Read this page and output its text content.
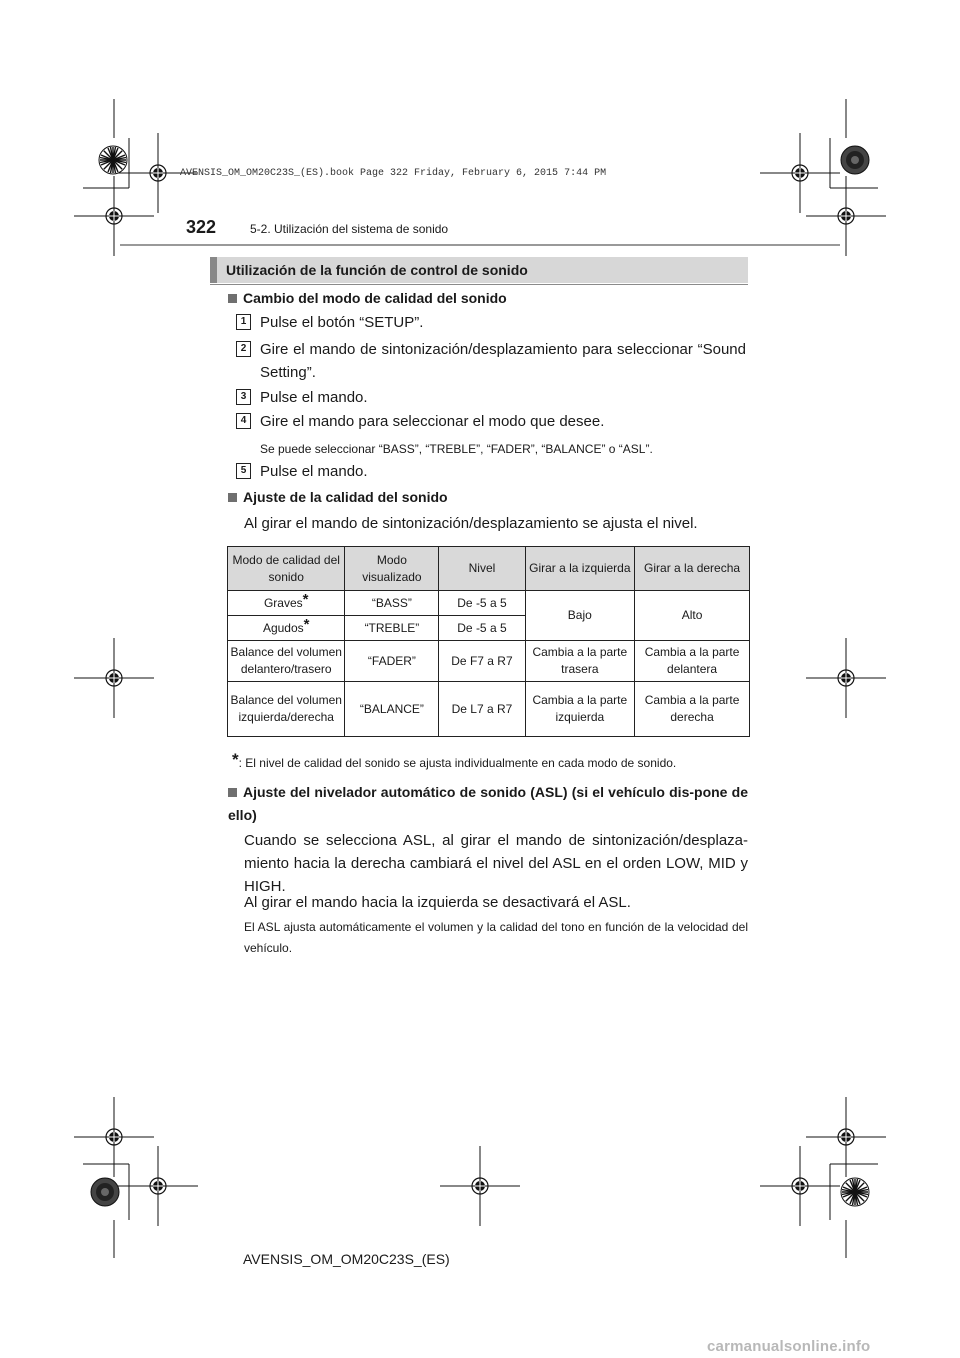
AVENSIS_OM_OM20C23S_(ES).book Page 322 Friday, February 6, 2015 7:44 PM
322	5-2. Utilización del sistema de sonido
Utilización de la función de control de sonido
Cambio del modo de calidad del sonido
1 Pulse el botón “SETUP”.
2 Gire el mando de sintonización/desplazamiento para seleccionar “Sound Setting”.
3 Pulse el mando.
4 Gire el mando para seleccionar el modo que desee.
Se puede seleccionar “BASS”, “TREBLE”, “FADER”, “BALANCE” o “ASL”.
5 Pulse el mando.
Ajuste de la calidad del sonido
Al girar el mando de sintonización/desplazamiento se ajusta el nivel.
Modo de calidad del sonido	Modo visualizado	Nivel	Girar a la izquierda	Girar a la derecha
Graves*	“BASS”	De -5 a 5	Bajo	Alto
Agudos*	“TREBLE”	De -5 a 5		
Balance del volumen delantero/trasero	“FADER”	De F7 a R7	Cambia a la parte trasera	Cambia a la parte delantera
Balance del volumen izquierda/derecha	“BALANCE”	De L7 a R7	Cambia a la parte izquierda	Cambia a la parte derecha
*: El nivel de calidad del sonido se ajusta individualmente en cada modo de sonido.
Ajuste del nivelador automático de sonido (ASL) (si el vehículo dis-pone de ello)
Cuando se selecciona ASL, al girar el mando de sintonización/desplaza-miento hacia la derecha cambiará el nivel del ASL en el orden LOW, MID y HIGH.
Al girar el mando hacia la izquierda se desactivará el ASL.
El ASL ajusta automáticamente el volumen y la calidad del tono en función de la velocidad del vehículo.
AVENSIS_OM_OM20C23S_(ES)
carmanualsonline.info
